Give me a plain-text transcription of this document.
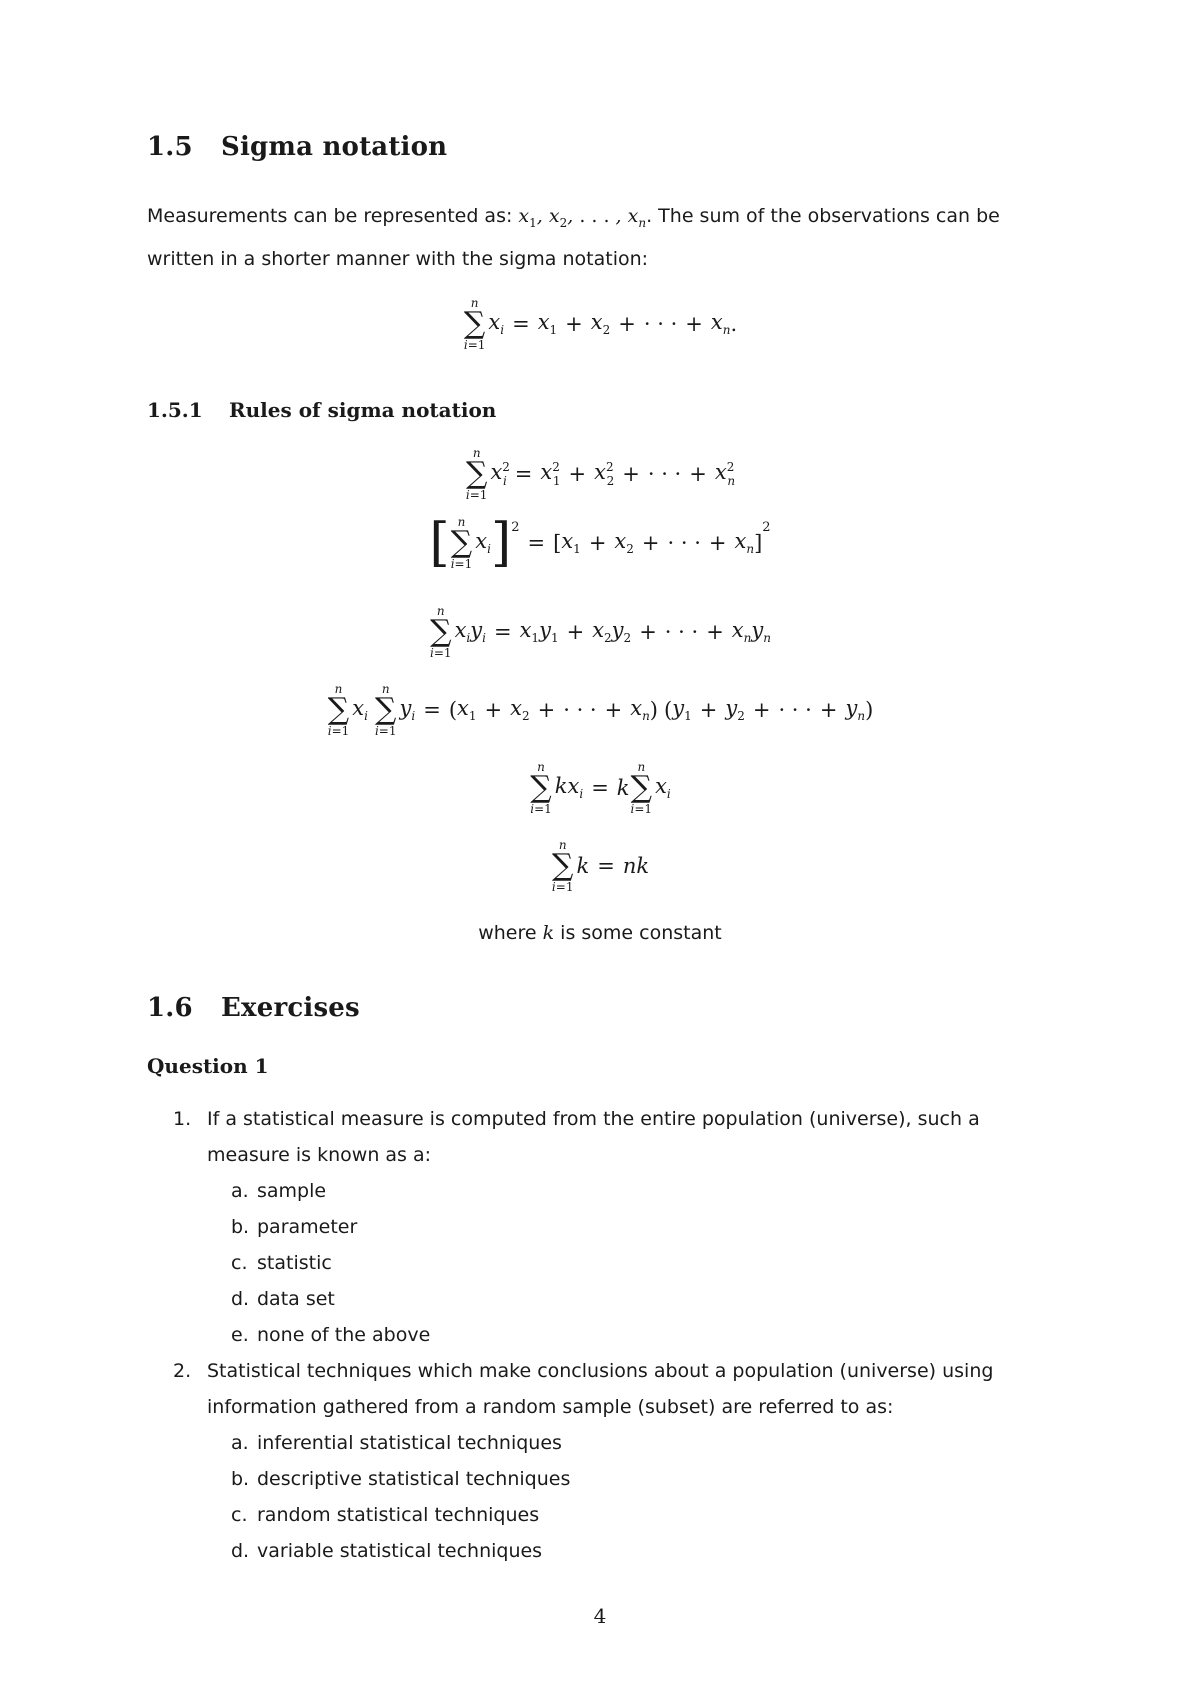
1.5 Sigma notation

Measurements can be represented as: $x_1$, $x_2$, . . . , $x_n$. The sum of the observations can be written in a shorter manner with the sigma notation:

n
∑
i=1
$x_i = x_1 + x_2$ + · · · + $x_n$ .
1.5.1 Rules of sigma notation
n
∑
i=1
$x^2_i = x^2_1 + x^2_2$ + · · · + $x^2_n$
[ n
∑
i=1
$x_i$ ] 2
= [ $x_1 + x_2$ + · · · + $x_n$ ]
2
n
∑
i=1
$x_iy_i = x_1y_1 + x_2y_2$ + · · · + $x_ny_n$
n
∑
i=1
$x_i$
n
∑
i=1
$y_i$ = ( $x_1 + x_2$ + · · · + $x_n$ ) ( $y_1 + y_2$ + · · · + $y_n$ )
n
∑
i=1
$kx_i = k$
n
∑
i=1
$x_i$
n
∑
i=1
k = nk
where k is some constant
1.6 Exercises
Question 1
1. If a statistical measure is computed from the entire population (universe), such a measure is known as a:
a. sample
b. parameter
c. statistic
d. data set
e. none of the above
2. Statistical techniques which make conclusions about a population (universe) using information gathered from a random sample (subset) are referred to as:
a. inferential statistical techniques
b. descriptive statistical techniques
c. random statistical techniques
d. variable statistical techniques
4
